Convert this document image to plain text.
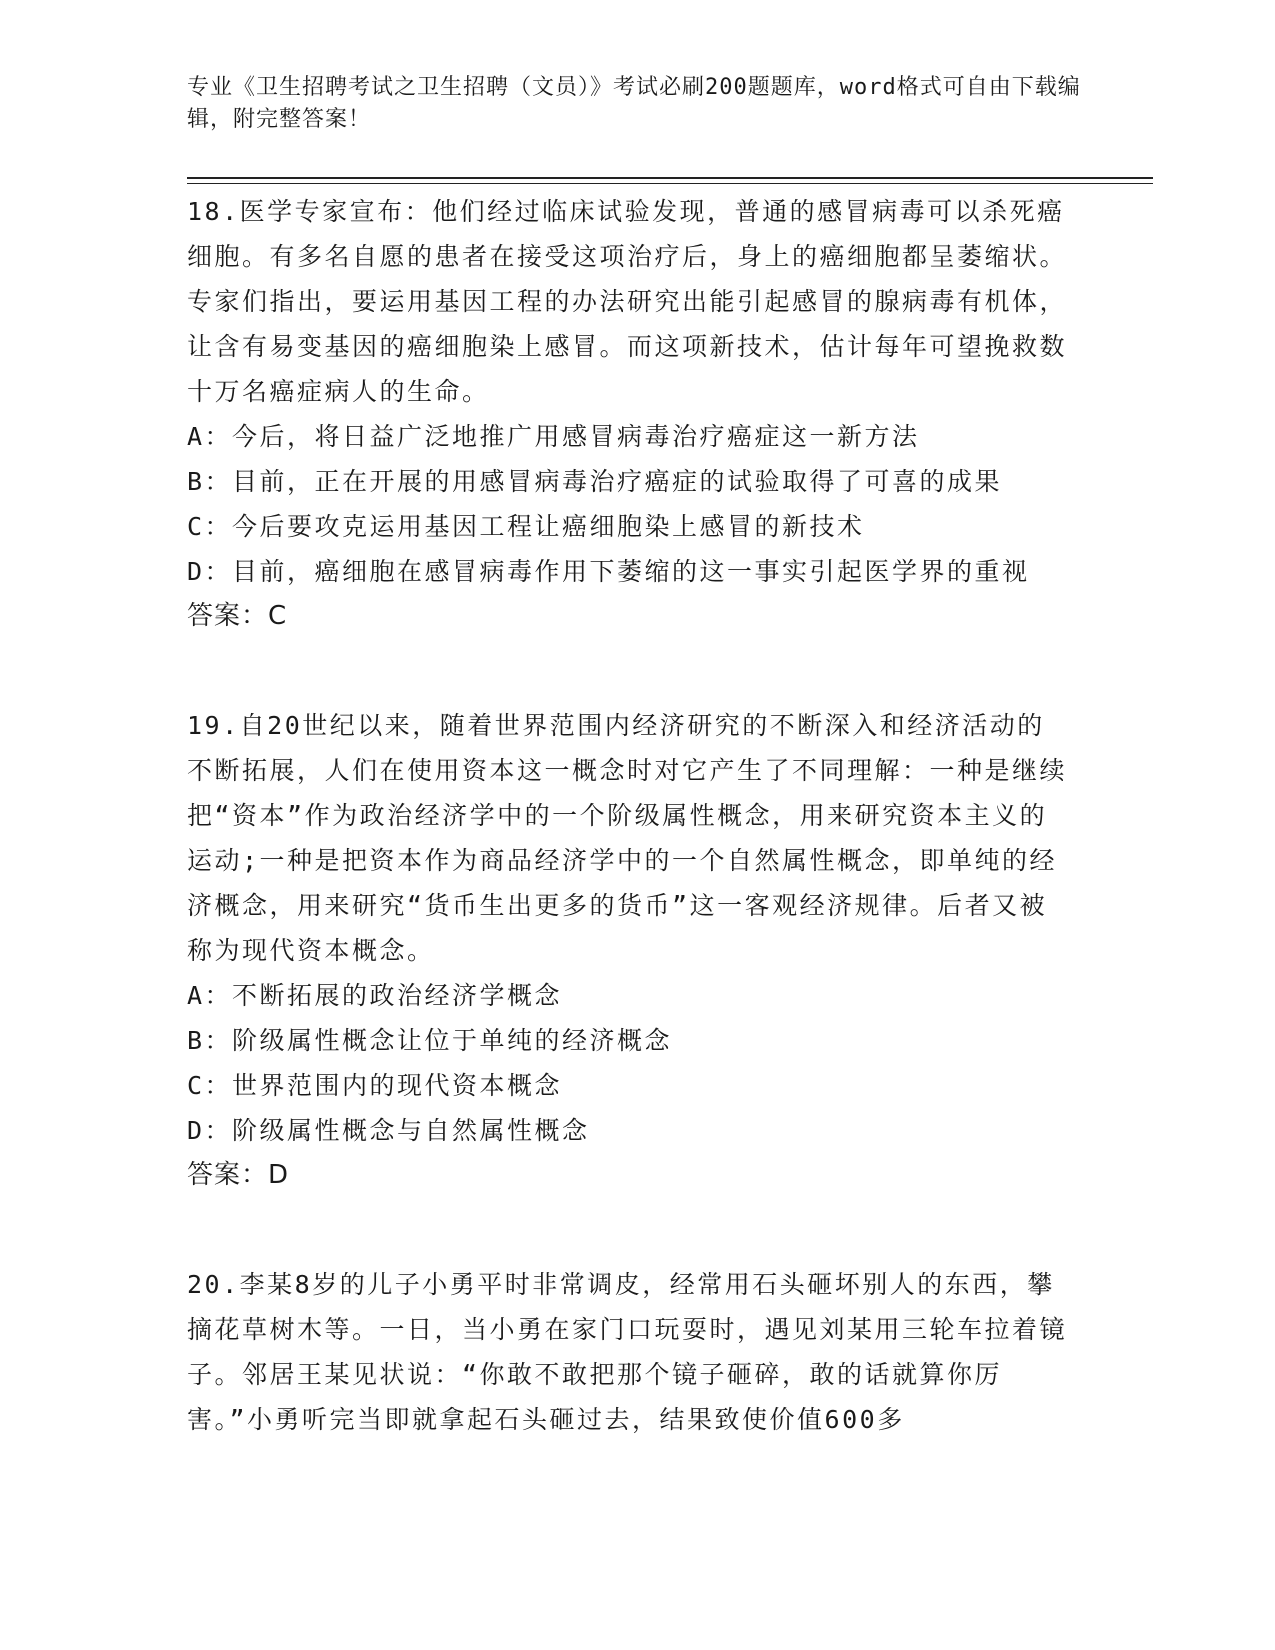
专业《卫生招聘考试之卫生招聘（文员）》考试必刷200题题库，word格式可自由下载编辑，附完整答案！

18.医学专家宣布：他们经过临床试验发现，普通的感冒病毒可以杀死癌细胞。有多名自愿的患者在接受这项治疗后，身上的癌细胞都呈萎缩状。专家们指出，要运用基因工程的办法研究出能引起感冒的腺病毒有机体，让含有易变基因的癌细胞染上感冒。而这项新技术，估计每年可望挽救数十万名癌症病人的生命。

A：今后，将日益广泛地推广用感冒病毒治疗癌症这一新方法

B：目前，正在开展的用感冒病毒治疗癌症的试验取得了可喜的成果

C：今后要攻克运用基因工程让癌细胞染上感冒的新技术

D：目前，癌细胞在感冒病毒作用下萎缩的这一事实引起医学界的重视

答案：C

19.自20世纪以来，随着世界范围内经济研究的不断深入和经济活动的不断拓展，人们在使用资本这一概念时对它产生了不同理解：一种是继续把“资本”作为政治经济学中的一个阶级属性概念，用来研究资本主义的运动;一种是把资本作为商品经济学中的一个自然属性概念，即单纯的经济概念，用来研究“货币生出更多的货币”这一客观经济规律。后者又被称为现代资本概念。

A：不断拓展的政治经济学概念

B：阶级属性概念让位于单纯的经济概念

C：世界范围内的现代资本概念

D：阶级属性概念与自然属性概念

答案：D

20.李某8岁的儿子小勇平时非常调皮，经常用石头砸坏别人的东西，攀摘花草树木等。一日，当小勇在家门口玩耍时，遇见刘某用三轮车拉着镜子。邻居王某见状说：“你敢不敢把那个镜子砸碎，敢的话就算你厉害。”小勇听完当即就拿起石头砸过去，结果致使价值600多
